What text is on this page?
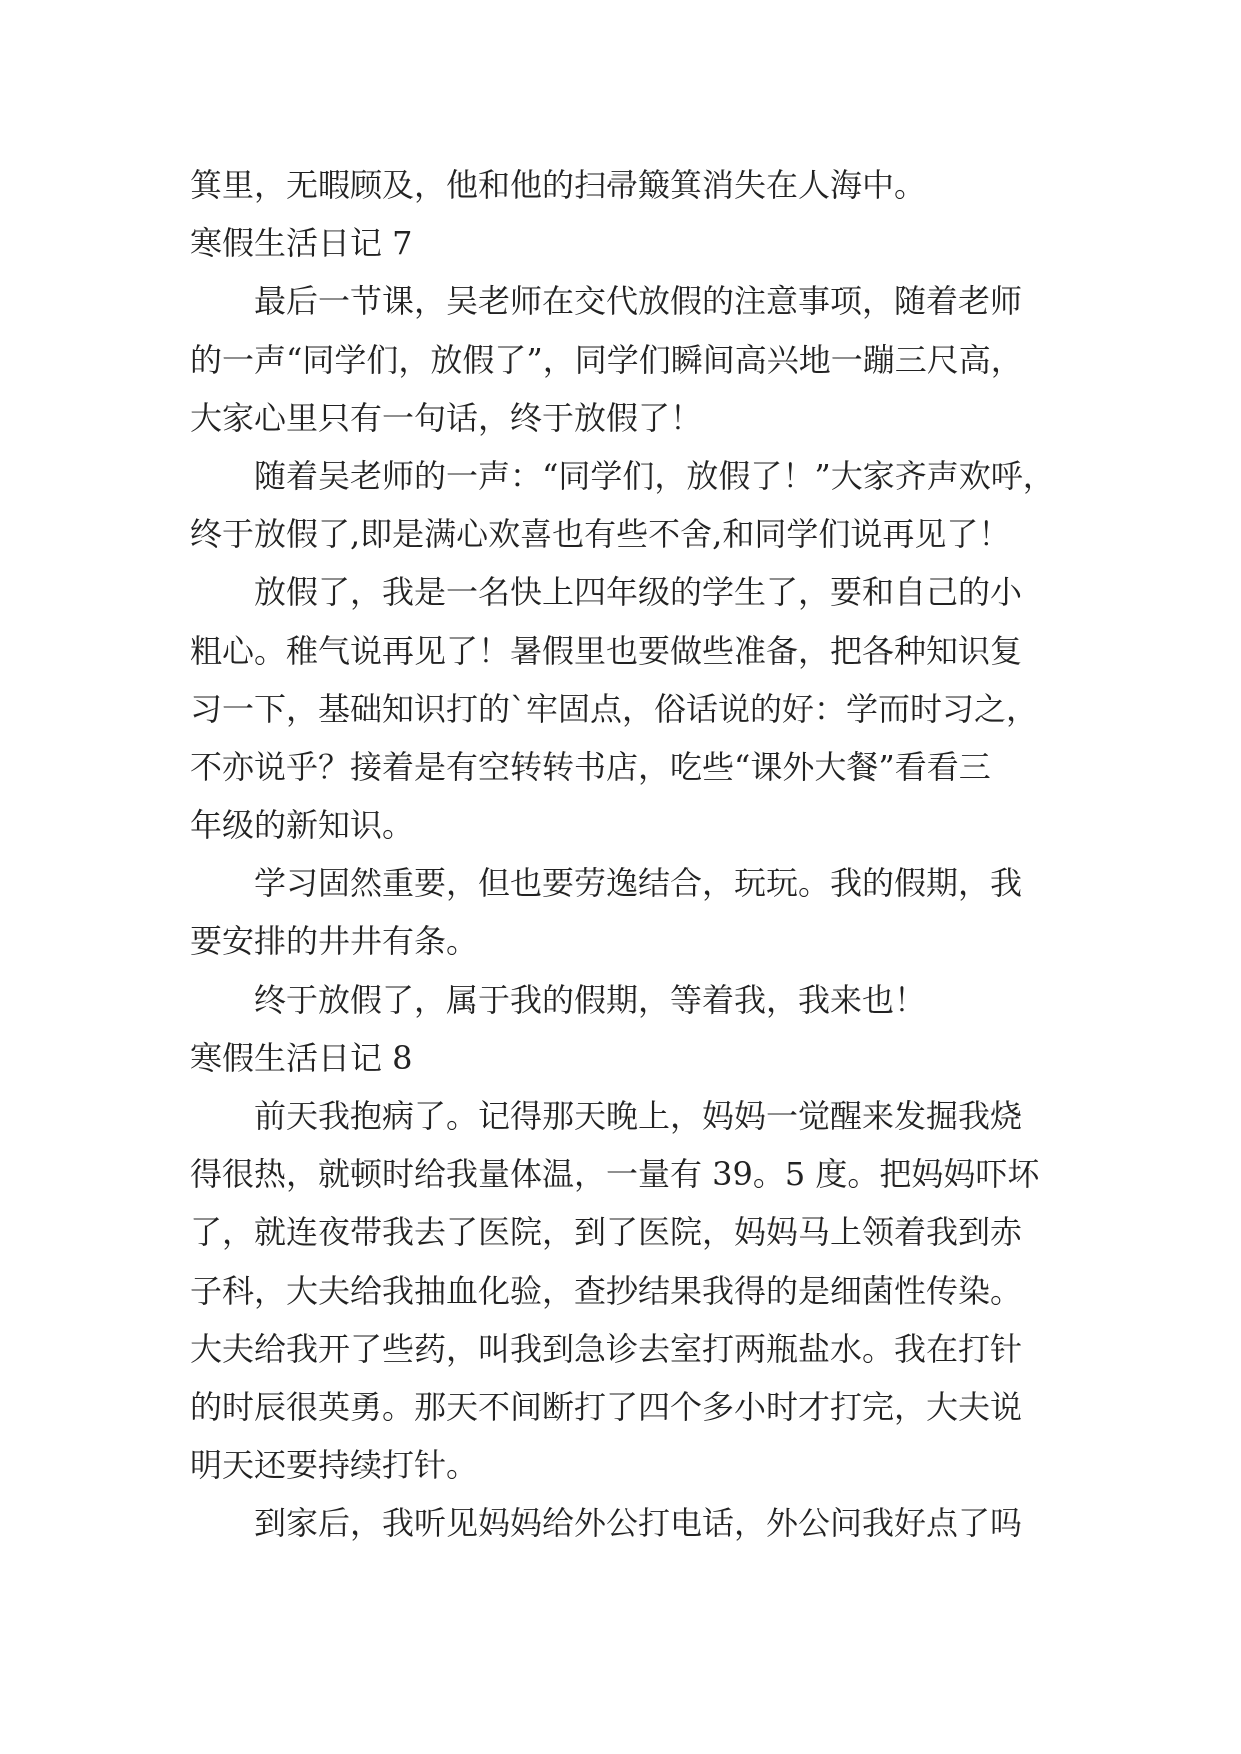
箕里，无暇顾及，他和他的扫帚簸箕消失在人海中。
寒假生活日记 7
最后一节课，吴老师在交代放假的注意事项，随着老师
的一声“同学们，放假了”，同学们瞬间高兴地一蹦三尺高，
大家心里只有一句话，终于放假了！
随着吴老师的一声：“同学们，放假了！”大家齐声欢呼，
终于放假了,即是满心欢喜也有些不舍,和同学们说再见了！
放假了，我是一名快上四年级的学生了，要和自己的小
粗心。稚气说再见了！暑假里也要做些准备，把各种知识复
习一下，基础知识打的`牢固点，俗话说的好：学而时习之，
不亦说乎？接着是有空转转书店，吃些“课外大餐”看看三
年级的新知识。
学习固然重要，但也要劳逸结合，玩玩。我的假期，我
要安排的井井有条。
终于放假了，属于我的假期，等着我，我来也！
寒假生活日记 8
前天我抱病了。记得那天晚上，妈妈一觉醒来发掘我烧
得很热，就顿时给我量体温，一量有 39。5 度。把妈妈吓坏
了，就连夜带我去了医院，到了医院，妈妈马上领着我到赤
子科，大夫给我抽血化验，查抄结果我得的是细菌性传染。
大夫给我开了些药，叫我到急诊去室打两瓶盐水。我在打针
的时辰很英勇。那天不间断打了四个多小时才打完，大夫说
明天还要持续打针。
到家后，我听见妈妈给外公打电话，外公问我好点了吗
